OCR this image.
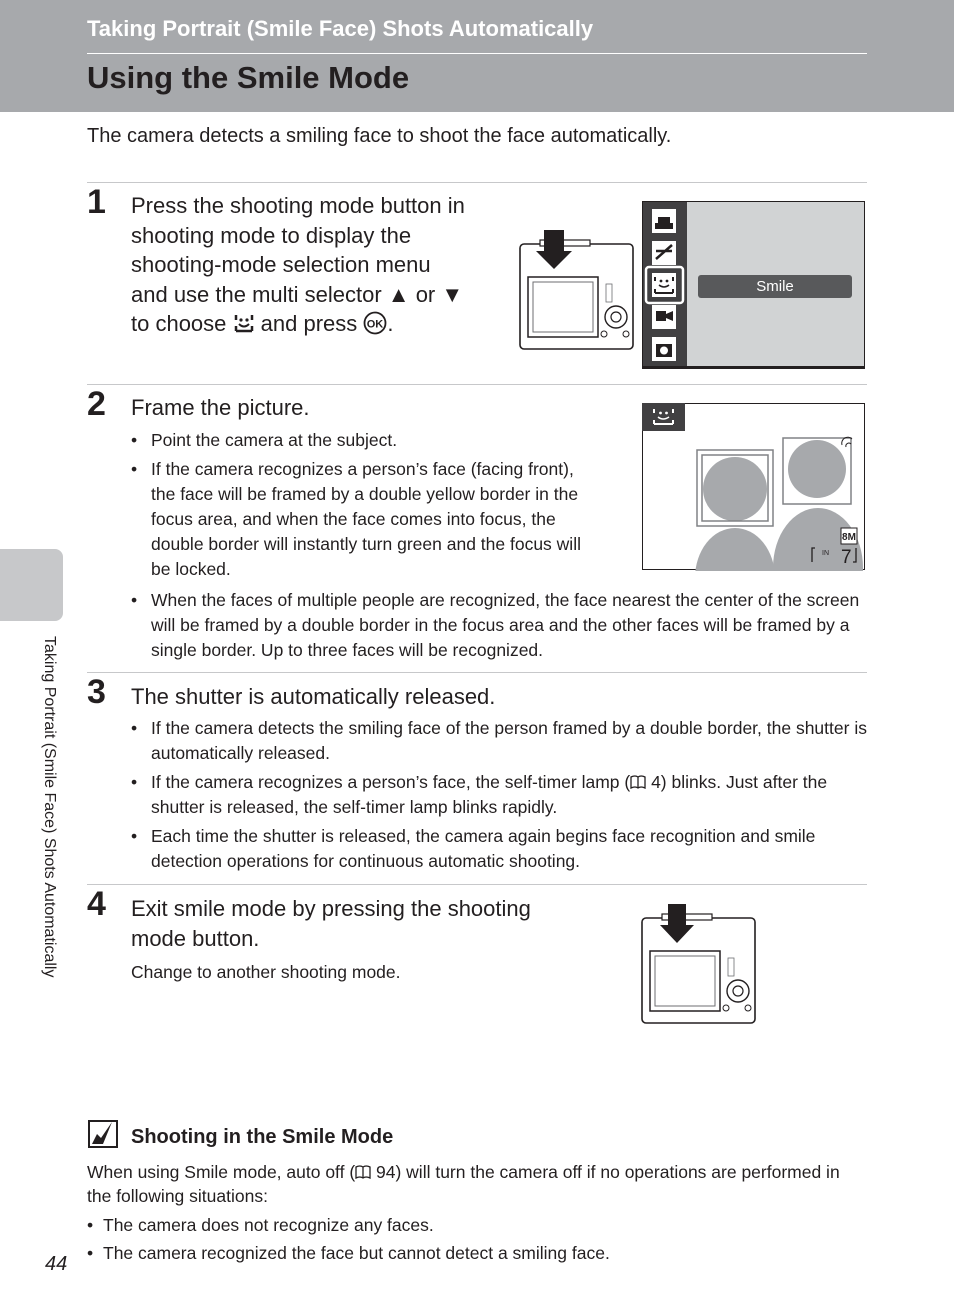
Taking Portrait (Smile Face) Shots Automatically
Using the Smile Mode

The camera detects a smiling face to shoot the face automatically.

1 Press the shooting mode button in
shooting mode to display the
shooting-mode selection menu
and use the multi selector ▲ or ▼
to choose and press OK .
Smile
2 Frame the picture.
• Point the camera at the subject.
• If the camera recognizes a person’s face (facing front), the face will be framed by a double yellow border in the focus area, and when the face comes into focus, the double border will instantly turn green and the focus will be locked.
• When the faces of multiple people are recognized, the face nearest the center of the screen will be framed by a double border in the focus area and the other faces will be framed by a single border. Up to three faces will be recognized.
8M
IN 7
3 The shutter is automatically released.
• If the camera detects the smiling face of the person framed by a double border, the shutter is automatically released.
• If the camera recognizes a person’s face, the self-timer lamp ( 4) blinks. Just after the shutter is released, the self-timer lamp blinks rapidly.
• Each time the shutter is released, the camera again begins face recognition and smile detection operations for continuous automatic shooting.
4 Exit smile mode by pressing the shooting
mode button.
Change to another shooting mode.
Shooting in the Smile Mode

When using Smile mode, auto off ( 94) will turn the camera off if no operations are performed in the following situations:

• The camera does not recognize any faces.
• The camera recognized the face but cannot detect a smiling face.
Taking Portrait (Smile Face) Shots Automatically
44
